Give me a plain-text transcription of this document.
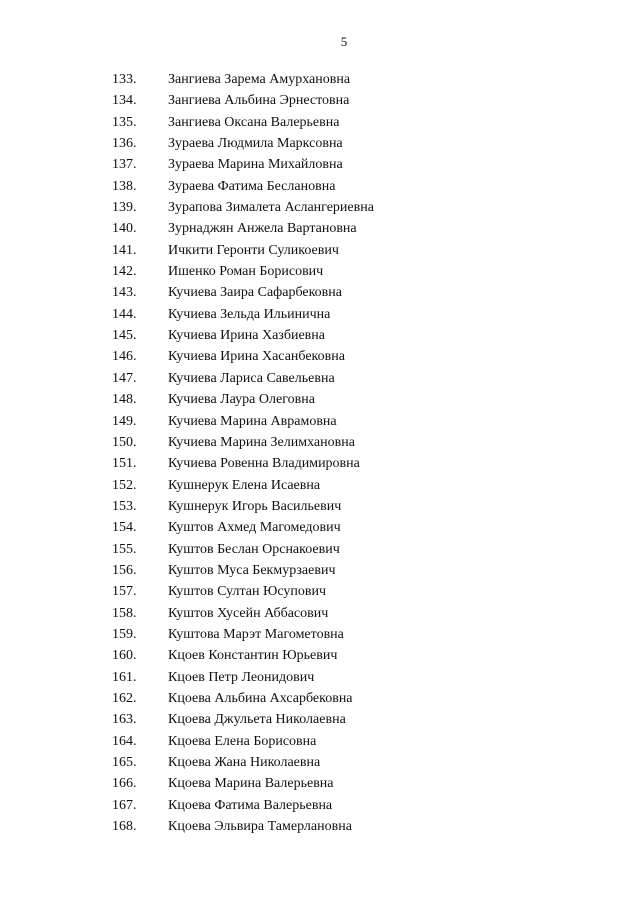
5
133.	Зангиева Зарема Амурхановна
134.	Зангиева Альбина Эрнестовна
135.	Зангиева Оксана Валерьевна
136.	Зураева Людмила Марксовна
137.	Зураева Марина Михайловна
138.	Зураева Фатима Беслановна
139.	Зурапова Зималета Аслангериевна
140.	Зурнаджян Анжела Вартановна
141.	Ичкити Геронти Суликоевич
142.	Ишенко Роман Борисович
143.	Кучиева Заира Сафарбековна
144.	Кучиева Зельда Ильинична
145.	Кучиева Ирина Хазбиевна
146.	Кучиева Ирина Хасанбековна
147.	Кучиева Лариса Савельевна
148.	Кучиева Лаура Олеговна
149.	Кучиева Марина Аврамовна
150.	Кучиева Марина Зелимхановна
151.	Кучиева Ровенна Владимировна
152.	Кушнерук Елена Исаевна
153.	Кушнерук Игорь Васильевич
154.	Куштов Ахмед Магомедович
155.	Куштов Беслан Орснакоевич
156.	Куштов Муса Бекмурзаевич
157.	Куштов Султан Юсупович
158.	Куштов Хусейн Аббасович
159.	Куштова Марэт Магометовна
160.	Кцоев Константин Юрьевич
161.	Кцоев Петр Леонидович
162.	Кцоева Альбина Ахсарбековна
163.	Кцоева Джульета Николаевна
164.	Кцоева Елена Борисовна
165.	Кцоева Жана Николаевна
166.	Кцоева Марина Валерьевна
167.	Кцоева Фатима Валерьевна
168.	Кцоева Эльвира Тамерлановна
